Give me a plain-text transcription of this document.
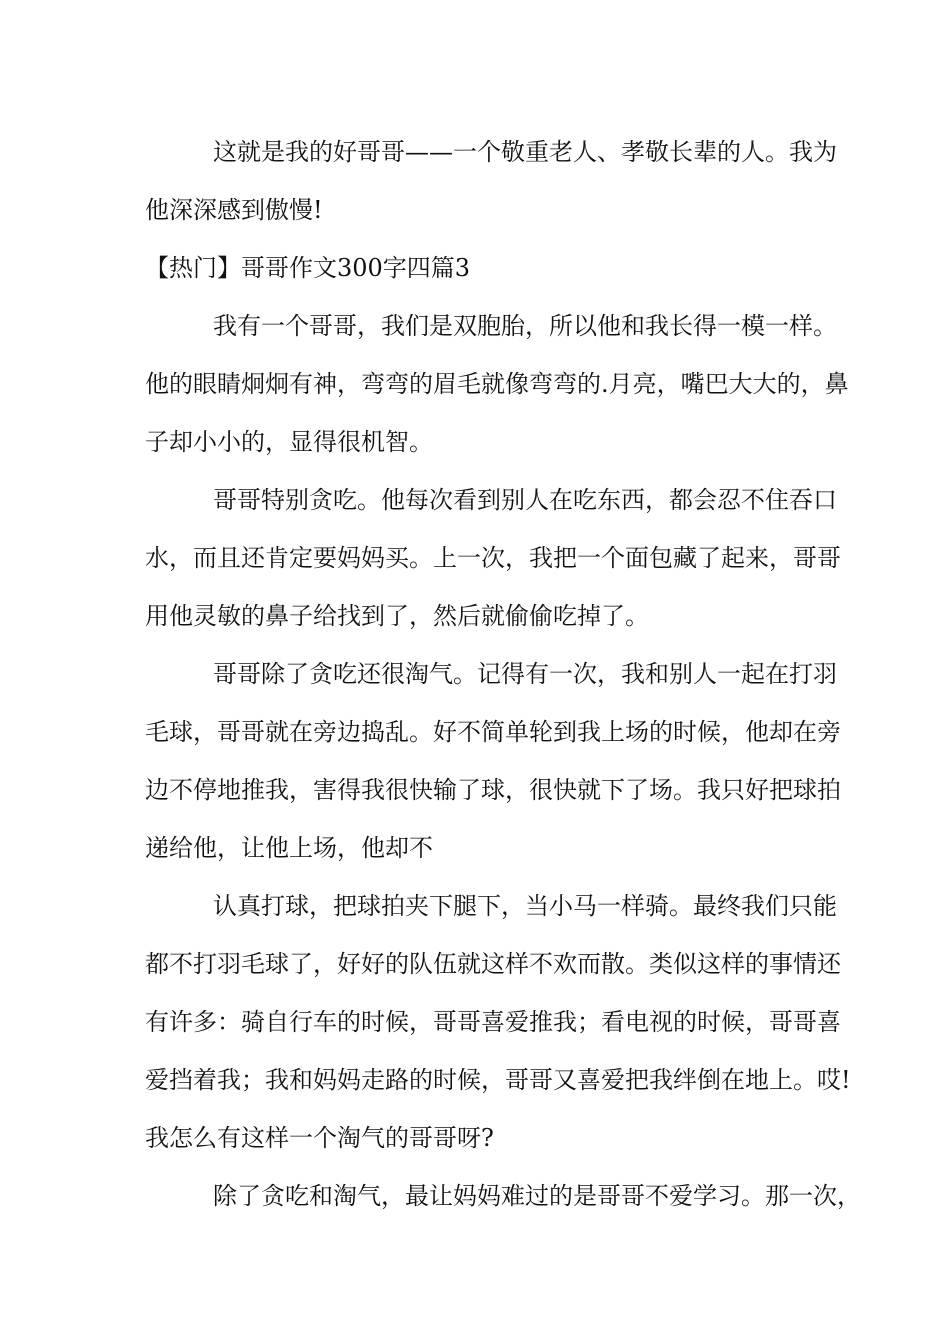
这就是我的好哥哥——一个敬重老人、孝敬长辈的人。我为
他深深感到傲慢!
【热门】哥哥作文300字四篇3
我有一个哥哥，我们是双胞胎，所以他和我长得一模一样。
他的眼睛炯炯有神，弯弯的眉毛就像弯弯的.月亮，嘴巴大大的，鼻
子却小小的，显得很机智。
哥哥特别贪吃。他每次看到别人在吃东西，都会忍不住吞口
水，而且还肯定要妈妈买。上一次，我把一个面包藏了起来，哥哥
用他灵敏的鼻子给找到了，然后就偷偷吃掉了。
哥哥除了贪吃还很淘气。记得有一次，我和别人一起在打羽
毛球，哥哥就在旁边捣乱。好不简单轮到我上场的时候，他却在旁
边不停地推我，害得我很快输了球，很快就下了场。我只好把球拍
递给他，让他上场，他却不
认真打球，把球拍夹下腿下，当小马一样骑。最终我们只能
都不打羽毛球了，好好的队伍就这样不欢而散。类似这样的事情还
有许多：骑自行车的时候，哥哥喜爱推我；看电视的时候，哥哥喜
爱挡着我；我和妈妈走路的时候，哥哥又喜爱把我绊倒在地上。哎!
我怎么有这样一个淘气的哥哥呀?
除了贪吃和淘气，最让妈妈难过的是哥哥不爱学习。那一次，
